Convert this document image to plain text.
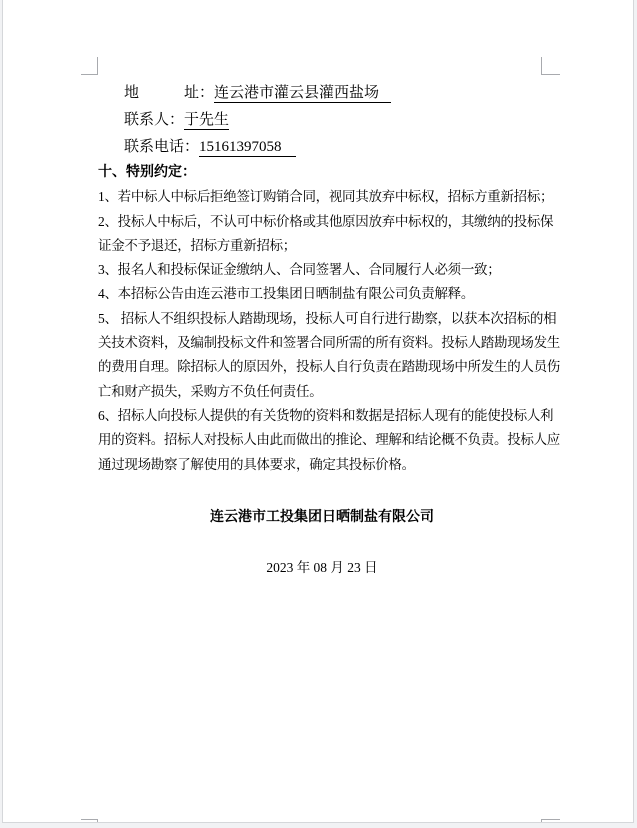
地　　　址：连云港市灌云县灌西盐场
联系人：于先生
联系电话：15161397058
十、特别约定：
1、若中标人中标后拒绝签订购销合同，视同其放弃中标权，招标方重新招标；
2、投标人中标后，不认可中标价格或其他原因放弃中标权的，其缴纳的投标保
证金不予退还，招标方重新招标；
3、报名人和投标保证金缴纳人、合同签署人、合同履行人必须一致；
4、本招标公告由连云港市工投集团日晒制盐有限公司负责解释。
5、 招标人不组织投标人踏勘现场，投标人可自行进行勘察，以获本次招标的相
关技术资料，及编制投标文件和签署合同所需的所有资料。投标人踏勘现场发生
的费用自理。除招标人的原因外，投标人自行负责在踏勘现场中所发生的人员伤
亡和财产损失，采购方不负任何责任。
6、招标人向投标人提供的有关货物的资料和数据是招标人现有的能使投标人利
用的资料。招标人对投标人由此而做出的推论、理解和结论概不负责。投标人应
通过现场勘察了解使用的具体要求，确定其投标价格。
连云港市工投集团日晒制盐有限公司
2023 年 08 月 23 日
